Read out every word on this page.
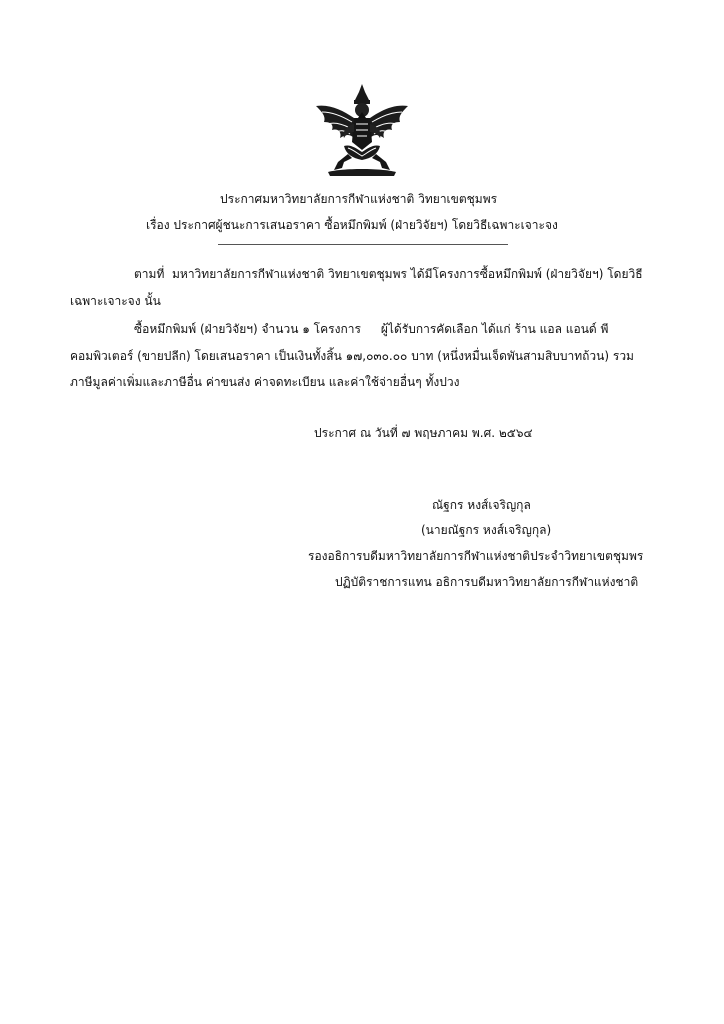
ประกาศมหาวิทยาลัยการกีฬาแห่งชาติ วิทยาเขตชุมพร
เรื่อง ประกาศผู้ชนะการเสนอราคา ซื้อหมึกพิมพ์ (ฝ่ายวิจัยฯ) โดยวิธีเฉพาะเจาะจง
ตามที่ มหาวิทยาลัยการกีฬาแห่งชาติ วิทยาเขตชุมพร ได้มีโครงการซื้อหมึกพิมพ์ (ฝ่ายวิจัยฯ) โดยวิธี
เฉพาะเจาะจง นั้น
ซื้อหมึกพิมพ์ (ฝ่ายวิจัยฯ) จำนวน ๑ โครงการ ผู้ได้รับการคัดเลือก ได้แก่ ร้าน แอล แอนด์ พี
คอมพิวเตอร์ (ขายปลีก) โดยเสนอราคา เป็นเงินทั้งสิ้น ๑๗,๐๓๐.๐๐ บาท (หนึ่งหมื่นเจ็ดพันสามสิบบาทถ้วน) รวม
ภาษีมูลค่าเพิ่มและภาษีอื่น ค่าขนส่ง ค่าจดทะเบียน และค่าใช้จ่ายอื่นๆ ทั้งปวง
ประกาศ ณ วันที่ ๗ พฤษภาคม พ.ศ. ๒๕๖๔
ณัฐกร หงส์เจริญกุล
(นายณัฐกร หงส์เจริญกุล)
รองอธิการบดีมหาวิทยาลัยการกีฬาแห่งชาติประจำวิทยาเขตชุมพร
ปฏิบัติราชการแทน อธิการบดีมหาวิทยาลัยการกีฬาแห่งชาติ
